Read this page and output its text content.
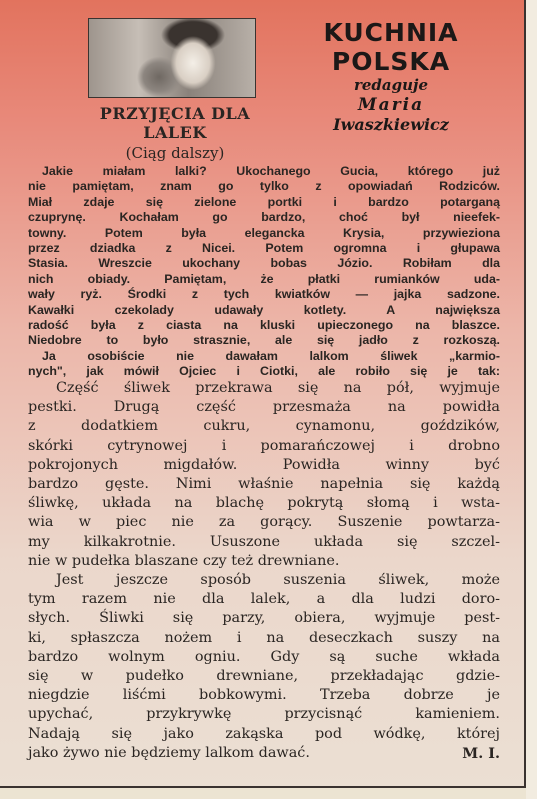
KUCHNIA
POLSKA
redaguje
Maria
Iwaszkiewicz
PRZYJĘCIA DLA
LALEK
(Ciąg dalszy)
Jakie miałam lalki? Ukochanego Gucia, którego już
nie pamiętam, znam go tylko z opowiadań Rodziców.
Miał zdaje się zielone portki i bardzo potarganą
czuprynę. Kochałam go bardzo, choć był nieefek-
towny. Potem była elegancka Krysia, przywieziona
przez dziadka z Nicei. Potem ogromna i głupawa
Stasia. Wreszcie ukochany bobas Józio. Robiłam dla
nich obiady. Pamiętam, że płatki rumianków uda-
wały ryż. Środki z tych kwiatków — jajka sadzone.
Kawałki czekolady udawały kotlety. A największa
radość była z ciasta na kluski upieczonego na blaszce.
Niedobre to było strasznie, ale się jadło z rozkoszą.
Ja osobiście nie dawałam lalkom śliwek „karmio-
nych", jak mówił Ojciec i Ciotki, ale robiło się je tak:
Część śliwek przekrawa się na pół, wyjmuje
pestki. Drugą część przesmaża na powidła
z dodatkiem cukru, cynamonu, goździków,
skórki cytrynowej i pomarańczowej i drobno
pokrojonych migdałów. Powidła winny być
bardzo gęste. Nimi właśnie napełnia się każdą
śliwkę, układa na blachę pokrytą słomą i wsta-
wia w piec nie za gorący. Suszenie powtarza-
my kilkakrotnie. Ususzone układa się szczel-
nie w pudełka blaszane czy też drewniane.
Jest jeszcze sposób suszenia śliwek, może
tym razem nie dla lalek, a dla ludzi doro-
słych. Śliwki się parzy, obiera, wyjmuje pest-
ki, spłaszcza nożem i na deseczkach suszy na
bardzo wolnym ogniu. Gdy są suche wkłada
się w pudełko drewniane, przekładając gdzie-
niegdzie liśćmi bobkowymi. Trzeba dobrze je
upychać, przykrywkę przycisnąć kamieniem.
Nadają się jako zakąska pod wódkę, której
jako żywo nie będziemy lalkom dawać.	M. I.
